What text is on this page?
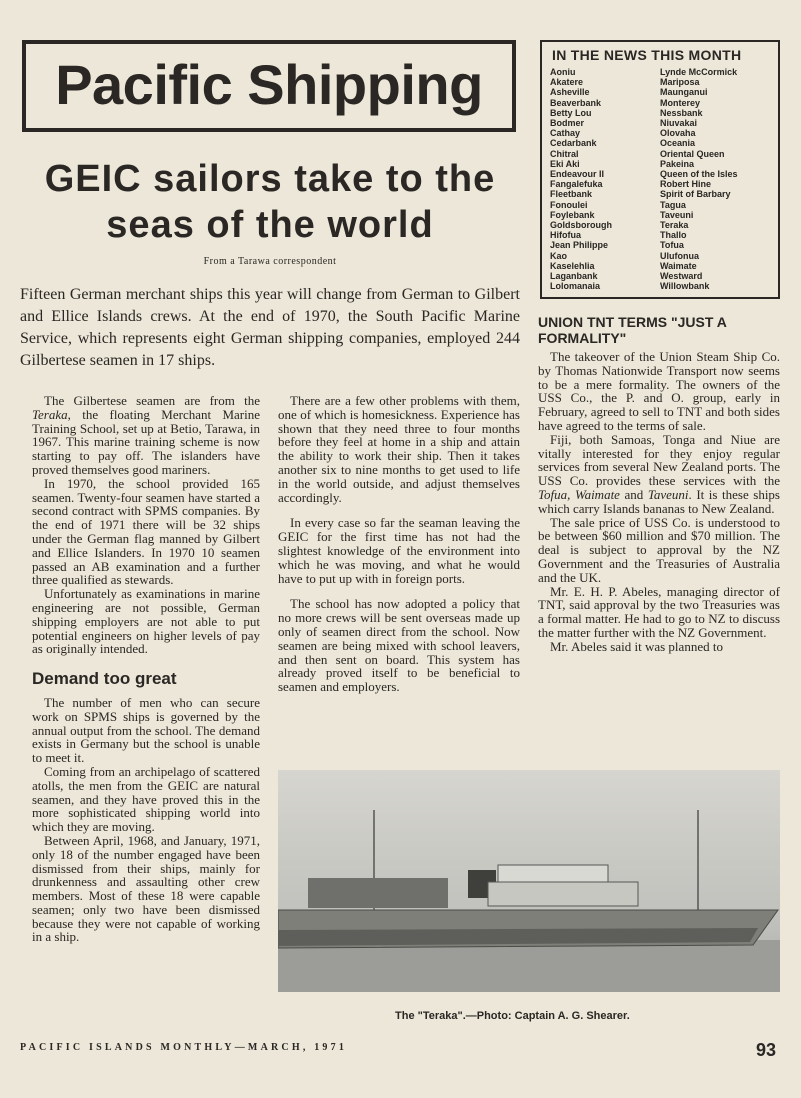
Pacific Shipping
GEIC sailors take to the seas of the world
From a Tarawa correspondent
Fifteen German merchant ships this year will change from German to Gilbert and Ellice Islands crews. At the end of 1970, the South Pacific Marine Service, which represents eight German shipping companies, employed 244 Gilbertese seamen in 17 ships.

The Gilbertese seamen are from the Teraka, the floating Merchant Marine Training School, set up at Betio, Tarawa, in 1967. This marine training scheme is now starting to pay off. The islanders have proved themselves good mariners.

In 1970, the school provided 165 seamen. Twenty-four seamen have started a second contract with SPMS companies. By the end of 1971 there will be 32 ships under the German flag manned by Gilbert and Ellice Islanders. In 1970 10 seamen passed an AB examination and a further three qualified as stewards.

Unfortunately as examinations in marine engineering are not possible, German shipping employers are not able to put potential engineers on higher levels of pay as originally intended.

Demand too great

The number of men who can secure work on SPMS ships is governed by the annual output from the school. The demand exists in Germany but the school is unable to meet it.

Coming from an archipelago of scattered atolls, the men from the GEIC are natural seamen, and they have proved this in the more sophisticated shipping world into which they are moving.

Between April, 1968, and January, 1971, only 18 of the number engaged have been dismissed from their ships, mainly for drunkenness and assaulting other crew members. Most of these 18 were capable seamen; only two have been dismissed because they were not capable of working in a ship.

There are a few other problems with them, one of which is homesickness. Experience has shown that they need three to four months before they feel at home in a ship and attain the ability to work their ship. Then it takes another six to nine months to get used to life in the world outside, and adjust themselves accordingly.

In every case so far the seaman leaving the GEIC for the first time has not had the slightest knowledge of the environment into which he was moving, and what he would have to put up with in foreign ports.

The school has now adopted a policy that no more crews will be sent overseas made up only of seamen direct from the school. Now seamen are being mixed with school leavers, and then sent on board. This system has already proved itself to be beneficial to seamen and employers.

IN THE NEWS THIS MONTH
Aoniu
Akatere
Asheville
Beaverbank
Betty Lou
Bodmer
Cathay
Cedarbank
Chitral
Eki Aki
Endeavour II
Fangalefuka
Fleetbank
Fonoulei
Foylebank
Goldsborough
Hifofua
Jean Philippe
Kao
Kaselehlia
Laganbank
Lolomanaia
Lynde McCormick
Mariposa
Maunganui
Monterey
Nessbank
Niuvakai
Olovaha
Oceania
Oriental Queen
Pakeina
Queen of the Isles
Robert Hine
Spirit of Barbary
Tagua
Taveuni
Teraka
Thallo
Tofua
Ulufonua
Waimate
Westward
Willowbank
UNION TNT TERMS "JUST A FORMALITY"

The takeover of the Union Steam Ship Co. by Thomas Nationwide Transport now seems to be a mere formality. The owners of the USS Co., the P. and O. group, early in February, agreed to sell to TNT and both sides have agreed to the terms of sale.

Fiji, both Samoas, Tonga and Niue are vitally interested for they enjoy regular services from several New Zealand ports. The USS Co. provides these services with the Tofua, Waimate and Taveuni. It is these ships which carry Islands bananas to New Zealand.

The sale price of USS Co. is understood to be between $60 million and $70 million. The deal is subject to approval by the NZ Government and the Treasuries of Australia and the UK.

Mr. E. H. P. Abeles, managing director of TNT, said approval by the two Treasuries was a formal matter. He had to go to NZ to discuss the matter further with the NZ Government.

Mr. Abeles said it was planned to

The "Teraka".—Photo: Captain A. G. Shearer.
PACIFIC ISLANDS MONTHLY—MARCH, 1971	93
